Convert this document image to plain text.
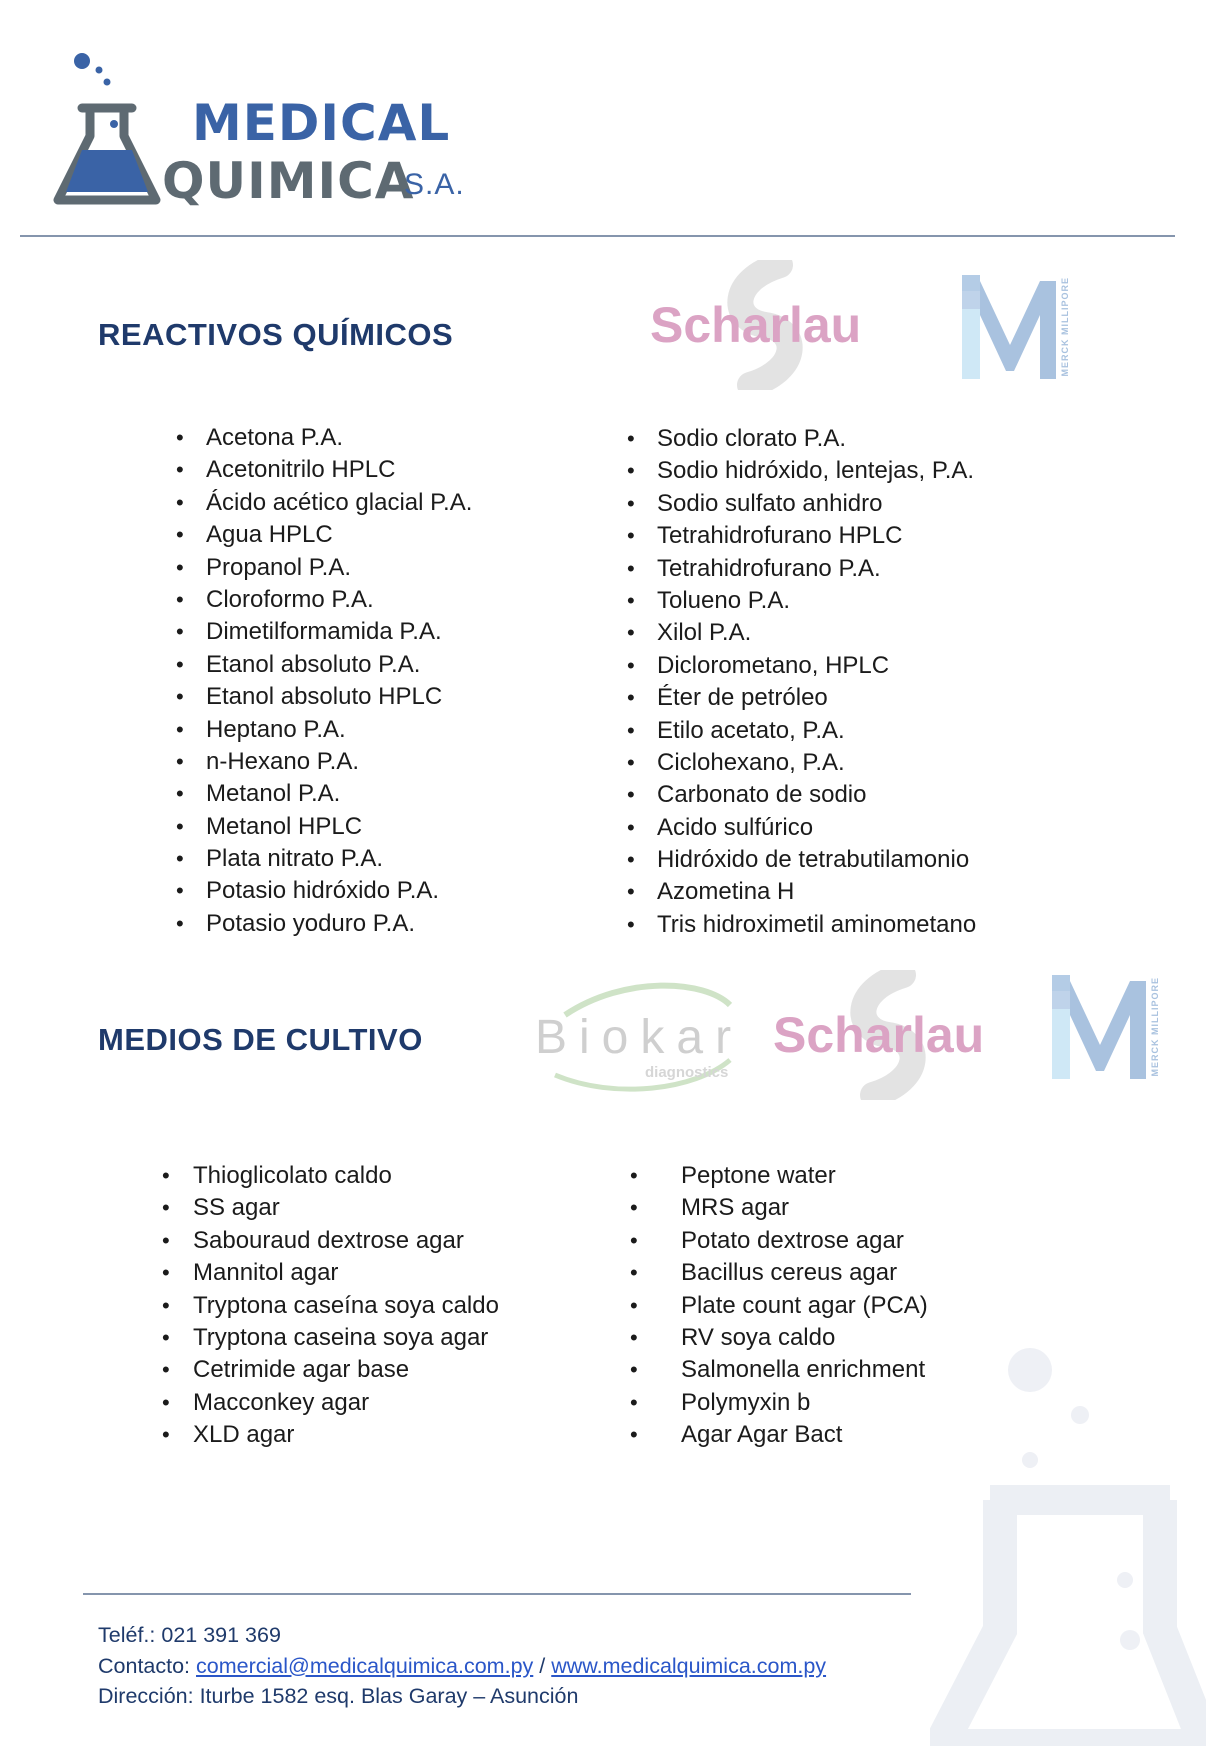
MEDICAL
QUIMICA
S.A.
REACTIVOS QUÍMICOS	Scharlau	MERCK MILLIPORE
• Acetona P.A.
• Acetonitrilo HPLC
• Ácido acético glacial P.A.
• Agua HPLC
• Propanol P.A.
• Cloroformo P.A.
• Dimetilformamida P.A.
• Etanol absoluto P.A.
• Etanol absoluto HPLC
• Heptano P.A.
• n-Hexano P.A.
• Metanol P.A.
• Metanol HPLC
• Plata nitrato P.A.
• Potasio hidróxido P.A.
• Potasio yoduro P.A.
• Sodio clorato P.A.
• Sodio hidróxido, lentejas, P.A.
• Sodio sulfato anhidro
• Tetrahidrofurano HPLC
• Tetrahidrofurano P.A.
• Tolueno P.A.
• Xilol P.A.
• Diclorometano, HPLC
• Éter de petróleo
• Etilo acetato, P.A.
• Ciclohexano, P.A.
• Carbonato de sodio
• Acido sulfúrico
• Hidróxido de tetrabutilamonio
• Azometina H
• Tris hidroximetil aminometano
MEDIOS DE CULTIVO Biokar
diagnostics
Scharlau	MERCK MILLIPORE
• Thioglicolato caldo
• SS agar
• Sabouraud dextrose agar
• Mannitol agar
• Tryptona caseína soya caldo
• Tryptona caseina soya agar
• Cetrimide agar base
• Macconkey agar
• XLD agar
• Peptone water
• MRS agar
• Potato dextrose agar
• Bacillus cereus agar
• Plate count agar (PCA)
• RV soya caldo
• Salmonella enrichment
• Polymyxin b
• Agar Agar Bact
Teléf.: 021 391 369
Contacto: comercial@medicalquimica.com.py / www.medicalquimica.com.py
Dirección: Iturbe 1582 esq. Blas Garay – Asunción
